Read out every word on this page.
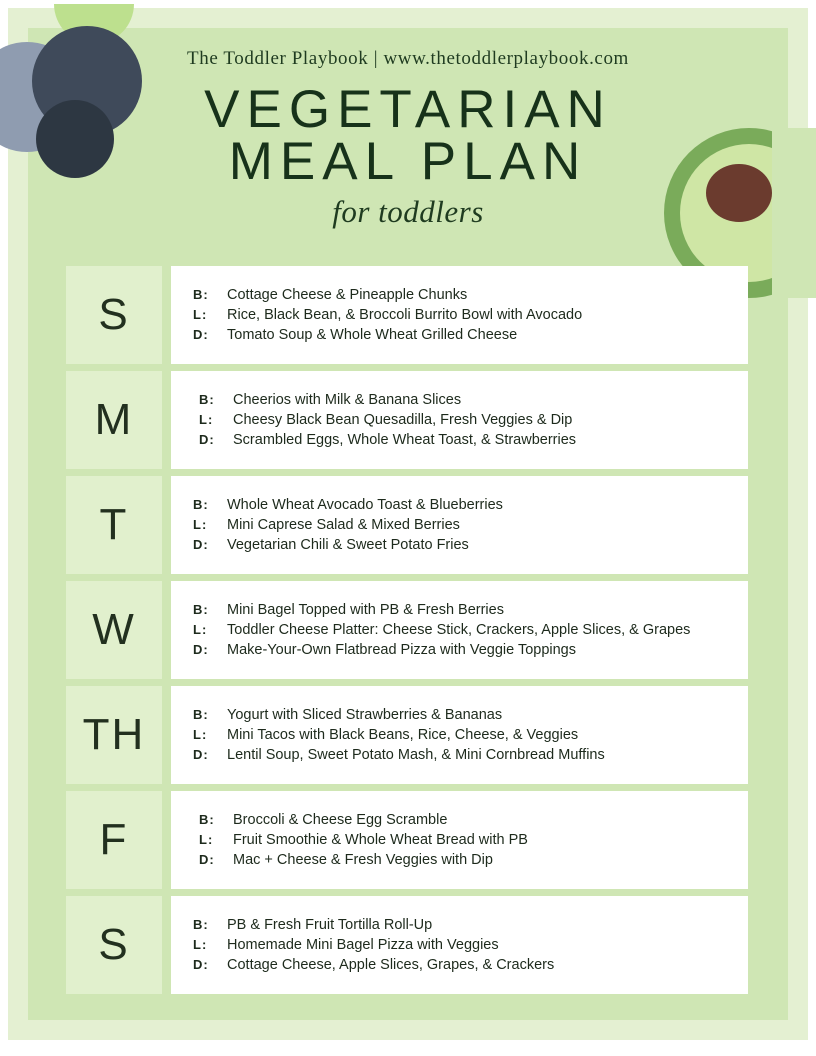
The Toddler Playbook | www.thetoddlerplaybook.com
VEGETARIAN
MEAL PLAN
for toddlers
S	B:	Cottage Cheese & Pineapple Chunks
L:	Rice, Black Bean, & Broccoli Burrito Bowl with Avocado
D:	Tomato Soup & Whole Wheat Grilled Cheese
M	B:	Cheerios with Milk & Banana Slices
L:	Cheesy Black Bean Quesadilla, Fresh Veggies & Dip
D:	Scrambled Eggs, Whole Wheat Toast, & Strawberries
T	B:	Whole Wheat Avocado Toast & Blueberries
L:	Mini Caprese Salad & Mixed Berries
D:	Vegetarian Chili & Sweet Potato Fries
W	B:	Mini Bagel Topped with PB & Fresh Berries
L:	Toddler Cheese Platter: Cheese Stick, Crackers, Apple Slices, & Grapes
D:	Make-Your-Own Flatbread Pizza with Veggie Toppings
TH	B:	Yogurt with Sliced Strawberries & Bananas
L:	Mini Tacos with Black Beans, Rice, Cheese, & Veggies
D:	Lentil Soup, Sweet Potato Mash, & Mini Cornbread Muffins
F	B:	Broccoli & Cheese Egg Scramble
L:	Fruit Smoothie & Whole Wheat Bread with PB
D:	Mac + Cheese & Fresh Veggies with Dip
S	B:	PB & Fresh Fruit Tortilla Roll-Up
L:	Homemade Mini Bagel Pizza with Veggies
D:	Cottage Cheese, Apple Slices, Grapes, & Crackers
